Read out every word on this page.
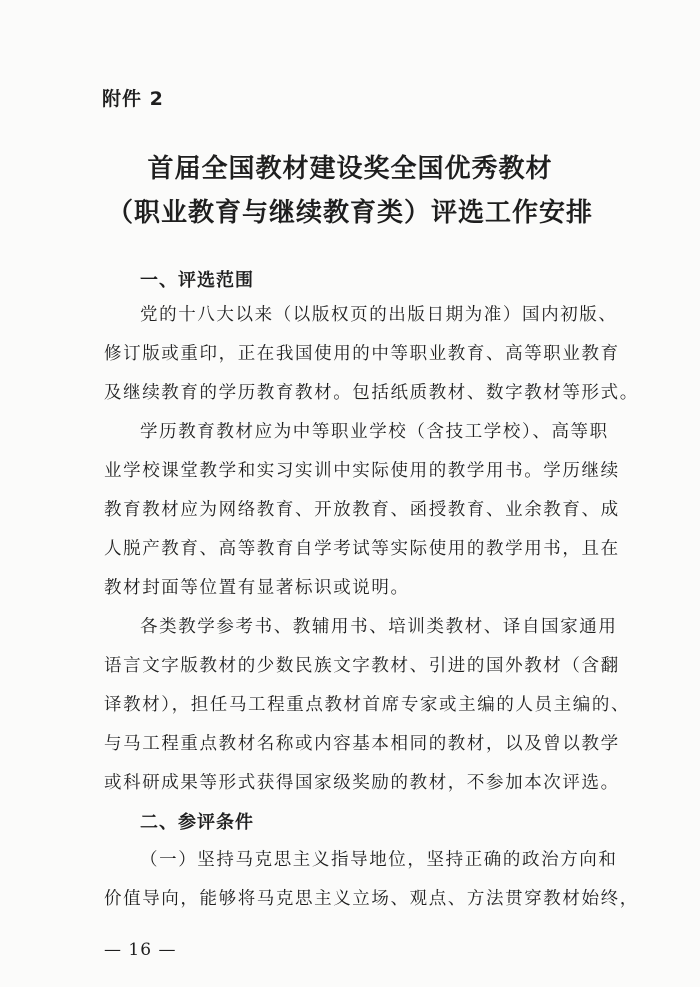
附件 2
首届全国教材建设奖全国优秀教材
（职业教育与继续教育类）评选工作安排
一、评选范围
党的十八大以来（以版权页的出版日期为准）国内初版、
修订版或重印，正在我国使用的中等职业教育、高等职业教育
及继续教育的学历教育教材。包括纸质教材、数字教材等形式。
学历教育教材应为中等职业学校（含技工学校）、高等职
业学校课堂教学和实习实训中实际使用的教学用书。学历继续
教育教材应为网络教育、开放教育、函授教育、业余教育、成
人脱产教育、高等教育自学考试等实际使用的教学用书，且在
教材封面等位置有显著标识或说明。
各类教学参考书、教辅用书、培训类教材、译自国家通用
语言文字版教材的少数民族文字教材、引进的国外教材（含翻
译教材），担任马工程重点教材首席专家或主编的人员主编的、
与马工程重点教材名称或内容基本相同的教材，以及曾以教学
或科研成果等形式获得国家级奖励的教材，不参加本次评选。
二、参评条件
（一）坚持马克思主义指导地位，坚持正确的政治方向和
— 16 —
价值导向，能够将马克思主义立场、观点、方法贯穿教材始终，
